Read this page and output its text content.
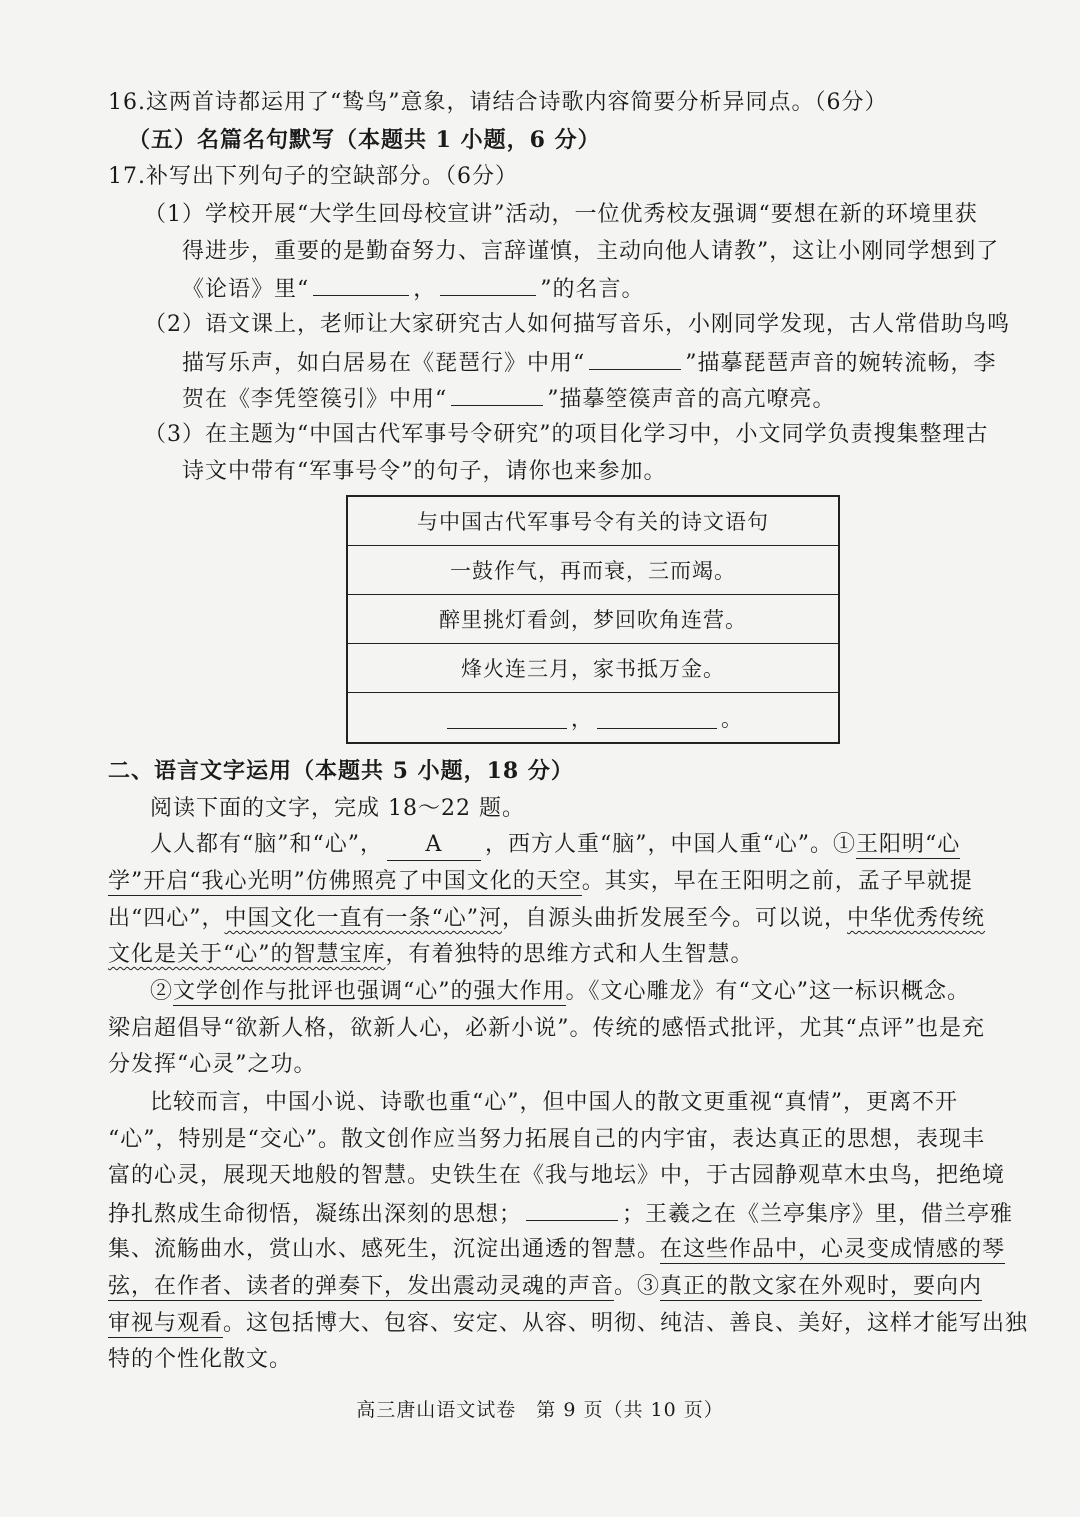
16.这两首诗都运用了“鸷鸟”意象，请结合诗歌内容简要分析异同点。（6分）
（五）名篇名句默写（本题共 1 小题，6 分）
17.补写出下列句子的空缺部分。（6分）
（1）学校开展“大学生回母校宣讲”活动，一位优秀校友强调“要想在新的环境里获
得进步，重要的是勤奋努力、言辞谨慎，主动向他人请教”，这让小刚同学想到了
《论语》里“	，	”的名言。
（2）语文课上，老师让大家研究古人如何描写音乐，小刚同学发现，古人常借助鸟鸣
描写乐声，如白居易在《琵琶行》中用“	”描摹琵琶声音的婉转流畅，李
贺在《李凭箜篌引》中用“	”描摹箜篌声音的高亢嘹亮。
（3）在主题为“中国古代军事号令研究”的项目化学习中，小文同学负责搜集整理古
诗文中带有“军事号令”的句子，请你也来参加。
与中国古代军事号令有关的诗文语句
一鼓作气，再而衰，三而竭。
醉里挑灯看剑，梦回吹角连营。
烽火连三月，家书抵万金。
，	。
二、语言文字运用（本题共 5 小题，18 分）
阅读下面的文字，完成 18～22 题。
人人都有“脑”和“心”， A ，西方人重“脑”，中国人重“心”。①王阳明“心
学”开启“我心光明”仿佛照亮了中国文化的天空。其实，早在王阳明之前，孟子早就提
出“四心”，中国文化一直有一条“心”河，自源头曲折发展至今。可以说，中华优秀传统
文化是关于“心”的智慧宝库，有着独特的思维方式和人生智慧。
②文学创作与批评也强调“心”的强大作用。《文心雕龙》有“文心”这一标识概念。
梁启超倡导“欲新人格，欲新人心，必新小说”。传统的感悟式批评，尤其“点评”也是充
分发挥“心灵”之功。
比较而言，中国小说、诗歌也重“心”，但中国人的散文更重视“真情”，更离不开
“心”，特别是“交心”。散文创作应当努力拓展自己的内宇宙，表达真正的思想，表现丰
富的心灵，展现天地般的智慧。史铁生在《我与地坛》中，于古园静观草木虫鸟，把绝境
挣扎熬成生命彻悟，凝练出深刻的思想；	；王羲之在《兰亭集序》里，借兰亭雅
集、流觞曲水，赏山水、感死生，沉淀出通透的智慧。在这些作品中，心灵变成情感的琴
弦，在作者、读者的弹奏下，发出震动灵魂的声音。③真正的散文家在外观时，要向内
审视与观看。这包括博大、包容、安定、从容、明彻、纯洁、善良、美好，这样才能写出独
特的个性化散文。
高三唐山语文试卷　第 9 页（共 10 页）
